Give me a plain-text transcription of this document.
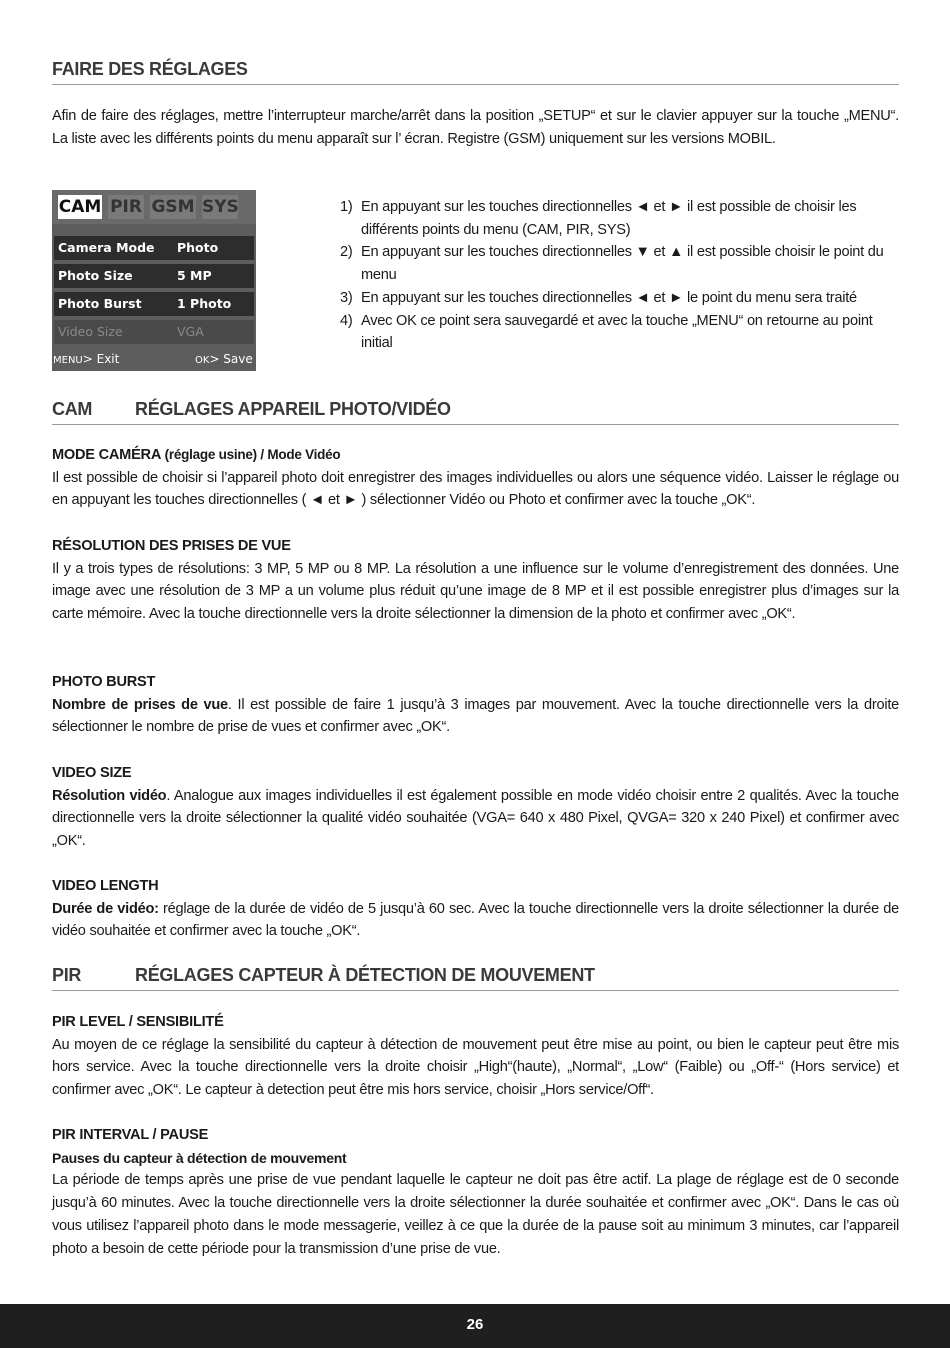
FAIRE DES RÉGLAGES

Afin de faire des réglages, mettre l’interrupteur marche/arrêt dans la position „SETUP“ et sur le clavier appuyer sur la touche „MENU“. La liste avec les différents points du menu apparaît sur l’ écran. Registre (GSM) uniquement sur les versions MOBIL.

1) En appuyant sur les touches directionnelles ◄ et ► il est possible de choisir les différents points du menu (CAM, PIR, SYS)
2) En appuyant sur les touches directionnelles ▼ et ▲ il est possible choisir le point du menu
3) En appuyant sur les touches directionnelles ◄ et ► le point du menu sera traité
4) Avec OK ce point sera sauvegardé et avec la touche „MENU“ on retourne au point initial
CAM RÉGLAGES APPAREIL PHOTO/VIDÉO

MODE CAMÉRA (réglage usine) / Mode Vidéo
Il est possible de choisir si l’appareil photo doit enregistrer des images individuelles ou alors une séquence vidéo. Laisser le réglage ou en appuyant les touches directionnelles ( ◄ et ► ) sélectionner Vidéo ou Photo et confirmer avec la touche „OK“.

RÉSOLUTION DES PRISES DE VUE
Il y a trois types de résolutions: 3 MP, 5 MP ou 8 MP. La résolution a une influence sur le volume d’enregistrement des données. Une image avec une résolution de 3 MP a un volume plus réduit qu’une image de 8 MP et il est possible enregistrer plus d’images sur la carte mémoire. Avec la touche directionnelle vers la droite sélectionner la dimension de la photo et confirmer avec „OK“.

PHOTO BURST
Nombre de prises de vue. Il est possible de faire 1 jusqu’à 3 images par mouvement. Avec la touche directionnelle vers la droite sélectionner le nombre de prise de vues et confirmer avec „OK“.

VIDEO SIZE
Résolution vidéo. Analogue aux images individuelles il est également possible en mode vidéo choisir entre 2 qualités. Avec la touche directionnelle vers la droite sélectionner la qualité vidéo souhaitée (VGA= 640 x 480 Pixel, QVGA= 320 x 240 Pixel) et confirmer avec „OK“.

VIDEO LENGTH
Durée de vidéo: réglage de la durée de vidéo de 5 jusqu’à 60 sec. Avec la touche directionnelle vers la droite sélectionner la durée de vidéo souhaitée et confirmer avec la touche „OK“.

PIR	RÉGLAGES CAPTEUR À DÉTECTION DE MOUVEMENT

PIR LEVEL / SENSIBILITÉ
Au moyen de ce réglage la sensibilité du capteur à détection de mouvement peut être mise au point, ou bien le capteur peut être mis hors service. Avec la touche directionnelle vers la droite choisir „High“(haute), „Normal“, „Low“ (Faible) ou „Off-“ (Hors service) et confirmer avec „OK“. Le capteur à detection peut être mis hors service, choisir „Hors service/Off“.

PIR INTERVAL / PAUSE
Pauses du capteur à détection de mouvement
La période de temps après une prise de vue pendant laquelle le capteur ne doit pas être actif. La plage de réglage est de 0 seconde jusqu’à 60 minutes. Avec la touche directionnelle vers la droite sélectionner la durée souhaitée et confirmer avec „OK“. Dans le cas où vous utilisez l’appareil photo dans le mode messagerie, veillez à ce que la durée de la pause soit au minimum 3 minutes, car l’appareil photo a besoin de cette période pour la transmission d’une prise de vue.

CAM PIR GSM SYS
Camera Mode Photo
Photo Size	5 MP
Photo Burst	1 Photo
Video Size	VGA
MENU> Exit	OK> Save
26
